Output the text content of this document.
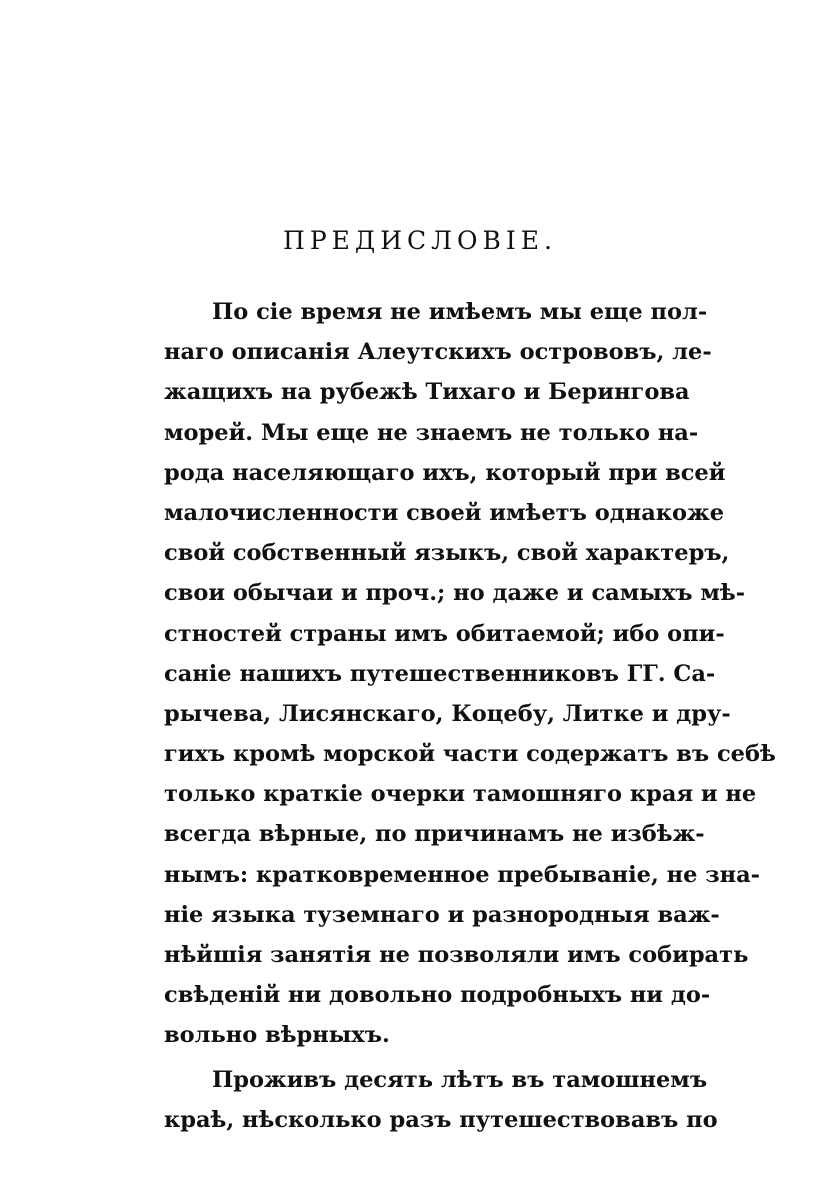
ПРЕДИСЛОВІЕ.
По сіе время не имѣемъ мы еще пол-
наго описанія Алеутскихъ острововъ, ле-
жащихъ на рубежѣ Тихаго и Берингова
морей. Мы еще не знаемъ не только на-
рода населяющаго ихъ, который при всей
малочисленности своей имѣетъ однакоже
свой собственный языкъ, свой характеръ,
свои обычаи и проч.; но даже и самыхъ мѣ-
стностей страны имъ обитаемой; ибо опи-
саніе нашихъ путешественниковъ ГГ. Са-
рычева, Лисянскаго, Коцебу, Литке и дру-
гихъ кромѣ морской части содержатъ въ себѣ
только краткіе очерки тамошняго края и не
всегда вѣрные, по причинамъ не избѣж-
нымъ: кратковременное пребываніе, не зна-
ніе языка туземнаго и разнородныя важ-
нѣйшія занятія не позволяли имъ собирать
свѣденій ни довольно подробныхъ ни до-
вольно вѣрныхъ.
Проживъ десять лѣтъ въ тамошнемъ
краѣ, нѣсколько разъ путешествовавъ по
